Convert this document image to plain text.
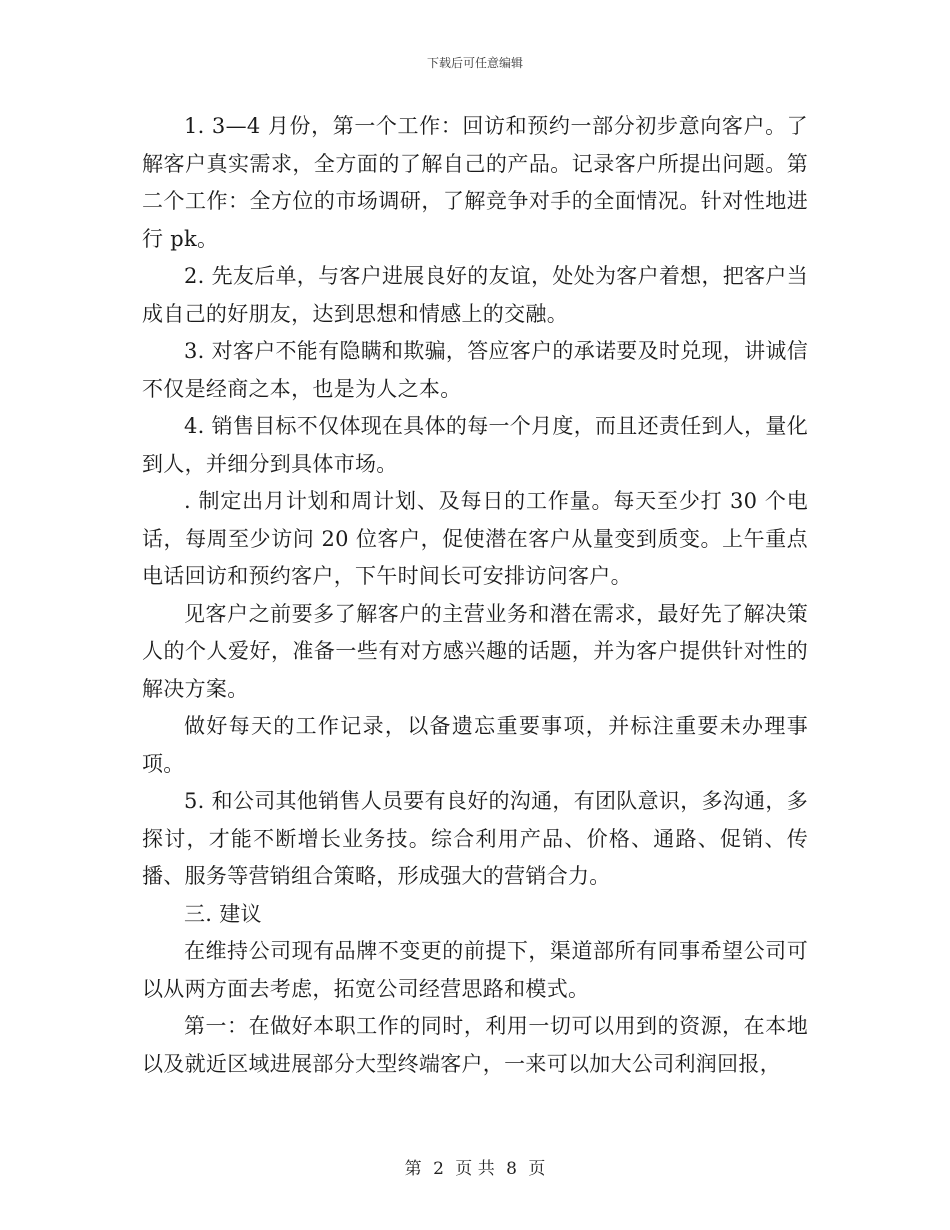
下载后可任意编辑

1. 3—4 月份，第一个工作：回访和预约一部分初步意向客户。了解客户真实需求，全方面的了解自己的产品。记录客户所提出问题。第二个工作：全方位的市场调研，了解竞争对手的全面情况。针对性地进行 pk。

2. 先友后单，与客户进展良好的友谊，处处为客户着想，把客户当成自己的好朋友，达到思想和情感上的交融。

3. 对客户不能有隐瞒和欺骗，答应客户的承诺要及时兑现，讲诚信不仅是经商之本，也是为人之本。

4. 销售目标不仅体现在具体的每一个月度，而且还责任到人，量化到人，并细分到具体市场。

. 制定出月计划和周计划、及每日的工作量。每天至少打 30 个电话，每周至少访问 20 位客户，促使潜在客户从量变到质变。上午重点电话回访和预约客户，下午时间长可安排访问客户。

见客户之前要多了解客户的主营业务和潜在需求，最好先了解决策人的个人爱好，准备一些有对方感兴趣的话题，并为客户提供针对性的解决方案。

做好每天的工作记录，以备遗忘重要事项，并标注重要未办理事项。

5. 和公司其他销售人员要有良好的沟通，有团队意识，多沟通，多探讨，才能不断增长业务技。综合利用产品、价格、通路、促销、传播、服务等营销组合策略，形成强大的营销合力。

三. 建议

在维持公司现有品牌不变更的前提下，渠道部所有同事希望公司可以从两方面去考虑，拓宽公司经营思路和模式。

第一：在做好本职工作的同时，利用一切可以用到的资源，在本地以及就近区域进展部分大型终端客户，一来可以加大公司利润回报，

第 2 页 共 8 页
